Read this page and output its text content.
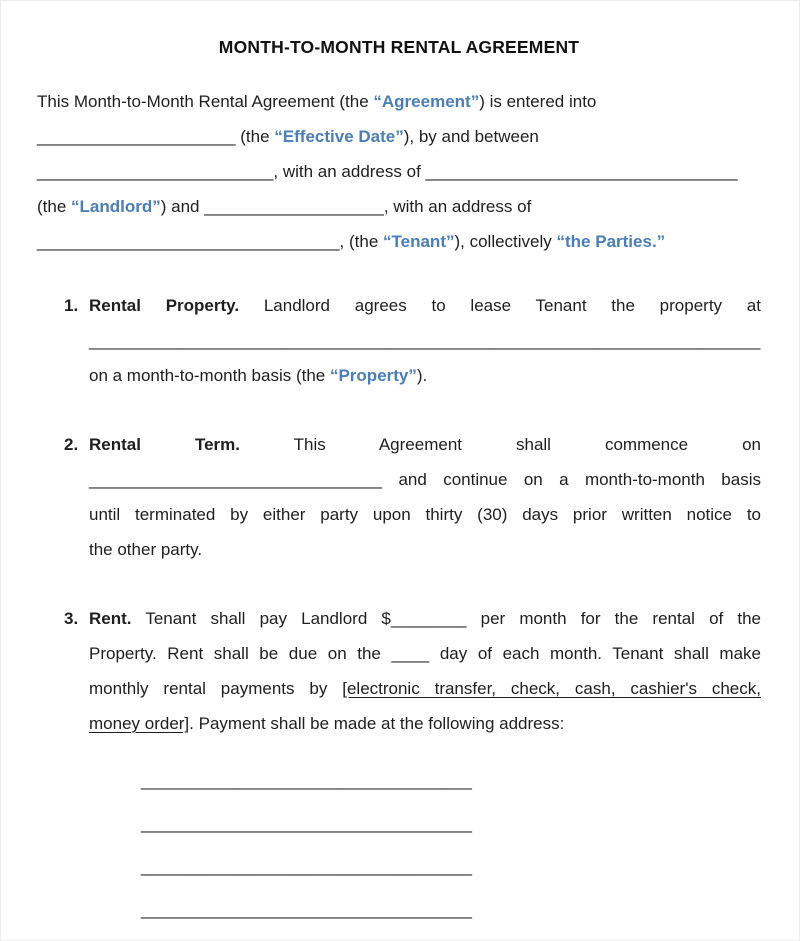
MONTH-TO-MONTH RENTAL AGREEMENT
This Month-to-Month Rental Agreement (the “Agreement”) is entered into
_____________________ (the “Effective Date”), by and between
_________________________, with an address of _________________________________
(the “Landlord”) and ___________________, with an address of
________________________________, (the “Tenant”), collectively “the Parties.”
1. Rental Property. Landlord agrees to lease Tenant the property at
_______________________________________________________________________
on a month-to-month basis (the “Property”).
2. Rental Term. This Agreement shall commence on
_______________________________ and continue on a month-to-month basis
until terminated by either party upon thirty (30) days prior written notice to
the other party.
3. Rent. Tenant shall pay Landlord $________ per month for the rental of the
Property. Rent shall be due on the ____ day of each month. Tenant shall make
monthly rental payments by [electronic transfer, check, cash, cashier's check,
money order]. Payment shall be made at the following address:
___________________________________
___________________________________
___________________________________
___________________________________
